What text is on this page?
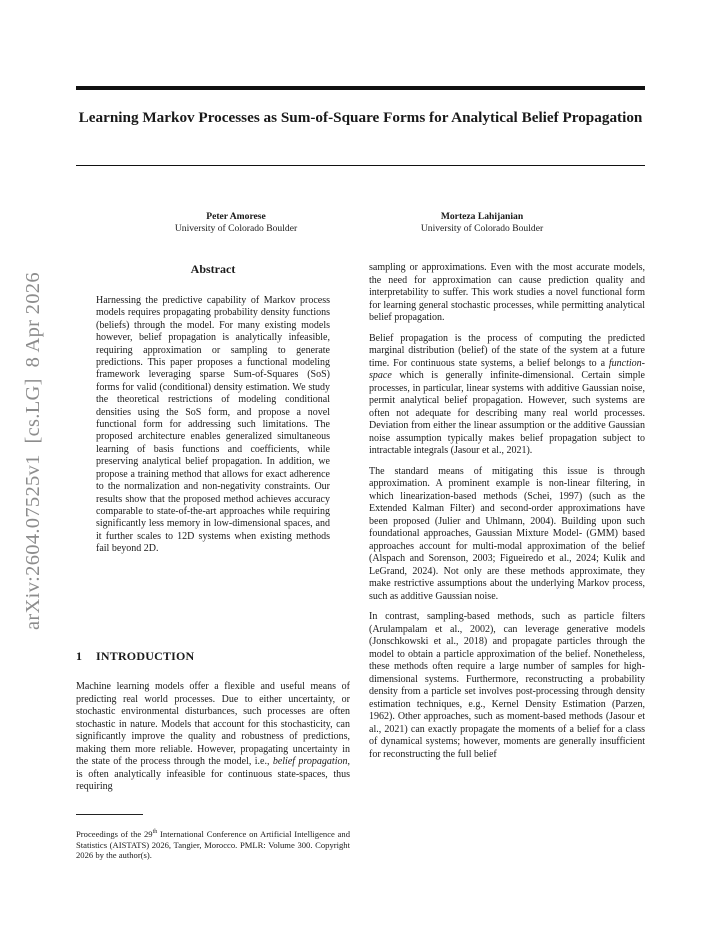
Learning Markov Processes as Sum-of-Square Forms for Analytical Belief Propagation
Peter Amorese
University of Colorado Boulder
Morteza Lahijanian
University of Colorado Boulder
arXiv:2604.07525v1  [cs.LG]  8 Apr 2026
Abstract
Harnessing the predictive capability of Markov process models requires propagating probability density functions (beliefs) through the model. For many existing models however, belief propagation is analytically infeasible, requiring approximation or sampling to generate predictions. This paper proposes a functional modeling framework leveraging sparse Sum-of-Squares (SoS) forms for valid (conditional) density estimation. We study the theoretical restrictions of modeling conditional densities using the SoS form, and propose a novel functional form for addressing such limitations. The proposed architecture enables generalized simultaneous learning of basis functions and coefficients, while preserving analytical belief propagation. In addition, we propose a training method that allows for exact adherence to the normalization and non-negativity constraints. Our results show that the proposed method achieves accuracy comparable to state-of-the-art approaches while requiring significantly less memory in low-dimensional spaces, and it further scales to 12D systems when existing methods fail beyond 2D.
1 INTRODUCTION

Machine learning models offer a flexible and useful means of predicting real world processes. Due to either uncertainty, or stochastic environmental disturbances, such processes are often stochastic in nature. Models that account for this stochasticity, can significantly improve the quality and robustness of predictions, making them more reliable. However, propagating uncertainty in the state of the process through the model, i.e., belief propagation, is often analytically infeasible for continuous state-spaces, thus requiring

Proceedings of the 29th International Conference on Artificial Intelligence and Statistics (AISTATS) 2026, Tangier, Morocco. PMLR: Volume 300. Copyright 2026 by the author(s).

sampling or approximations. Even with the most accurate models, the need for approximation can cause prediction quality and interpretability to suffer. This work studies a novel functional form for learning general stochastic processes, while permitting analytical belief propagation.

Belief propagation is the process of computing the predicted marginal distribution (belief) of the state of the system at a future time. For continuous state systems, a belief belongs to a function-space which is generally infinite-dimensional. Certain simple processes, in particular, linear systems with additive Gaussian noise, permit analytical belief propagation. However, such systems are often not adequate for describing many real world processes. Deviation from either the linear assumption or the additive Gaussian noise assumption typically makes belief propagation subject to intractable integrals (Jasour et al., 2021).

The standard means of mitigating this issue is through approximation. A prominent example is non-linear filtering, in which linearization-based methods (Schei, 1997) (such as the Extended Kalman Filter) and second-order approximations have been proposed (Julier and Uhlmann, 2004). Building upon such foundational approaches, Gaussian Mixture Model- (GMM) based approaches account for multi-modal approximation of the belief (Alspach and Sorenson, 2003; Figueiredo et al., 2024; Kulik and LeGrand, 2024). Not only are these methods approximate, they make restrictive assumptions about the underlying Markov process, such as additive Gaussian noise.

In contrast, sampling-based methods, such as particle filters (Arulampalam et al., 2002), can leverage generative models (Jonschkowski et al., 2018) and propagate particles through the model to obtain a particle approximation of the belief. Nonetheless, these methods often require a large number of samples for high-dimensional systems. Furthermore, reconstructing a probability density from a particle set involves post-processing through density estimation techniques, e.g., Kernel Density Estimation (Parzen, 1962). Other approaches, such as moment-based methods (Jasour et al., 2021) can exactly propagate the moments of a belief for a class of dynamical systems; however, moments are generally insufficient for reconstructing the full belief
